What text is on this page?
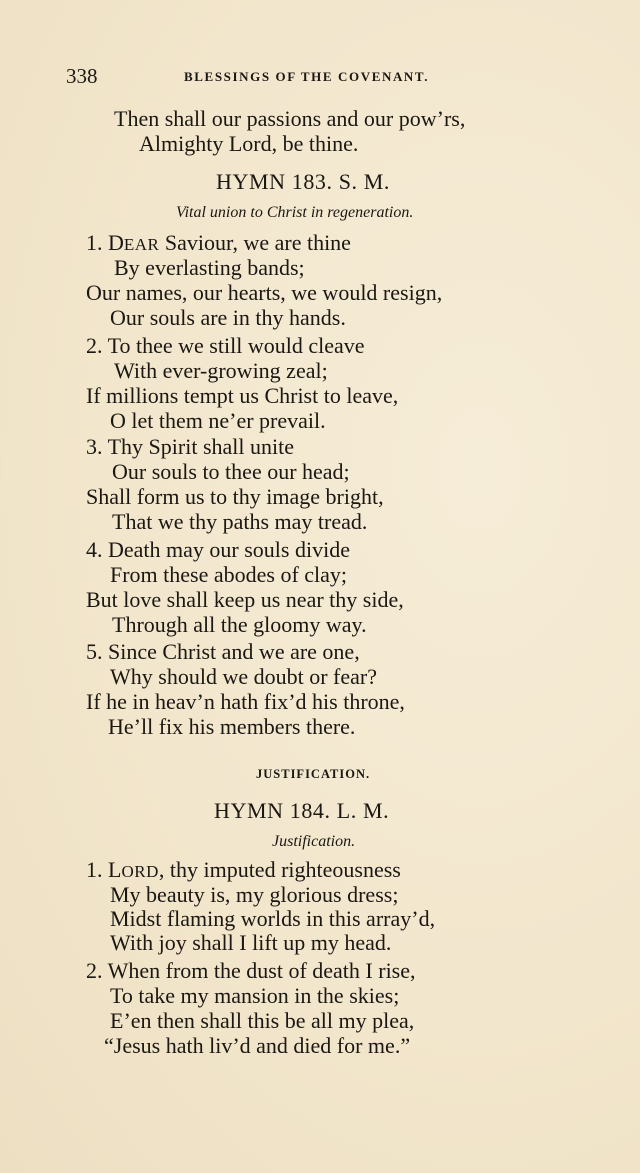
338	BLESSINGS OF THE COVENANT.
Then shall our passions and our pow’rs,
Almighty Lord, be thine.
HYMN 183. S. M.
Vital union to Christ in regeneration.
1. DEAR Saviour, we are thine
By everlasting bands;
Our names, our hearts, we would resign,
Our souls are in thy hands.
2. To thee we still would cleave
With ever-growing zeal;
If millions tempt us Christ to leave,
O let them ne’er prevail.
3. Thy Spirit shall unite
Our souls to thee our head;
Shall form us to thy image bright,
That we thy paths may tread.
4. Death may our souls divide
From these abodes of clay;
But love shall keep us near thy side,
Through all the gloomy way.
5. Since Christ and we are one,
Why should we doubt or fear?
If he in heav’n hath fix’d his throne,
He’ll fix his members there.
JUSTIFICATION.
HYMN 184. L. M.
Justification.
1. LORD, thy imputed righteousness
My beauty is, my glorious dress;
Midst flaming worlds in this array’d,
With joy shall I lift up my head.
2. When from the dust of death I rise,
To take my mansion in the skies;
E’en then shall this be all my plea,
“Jesus hath liv’d and died for me.”
